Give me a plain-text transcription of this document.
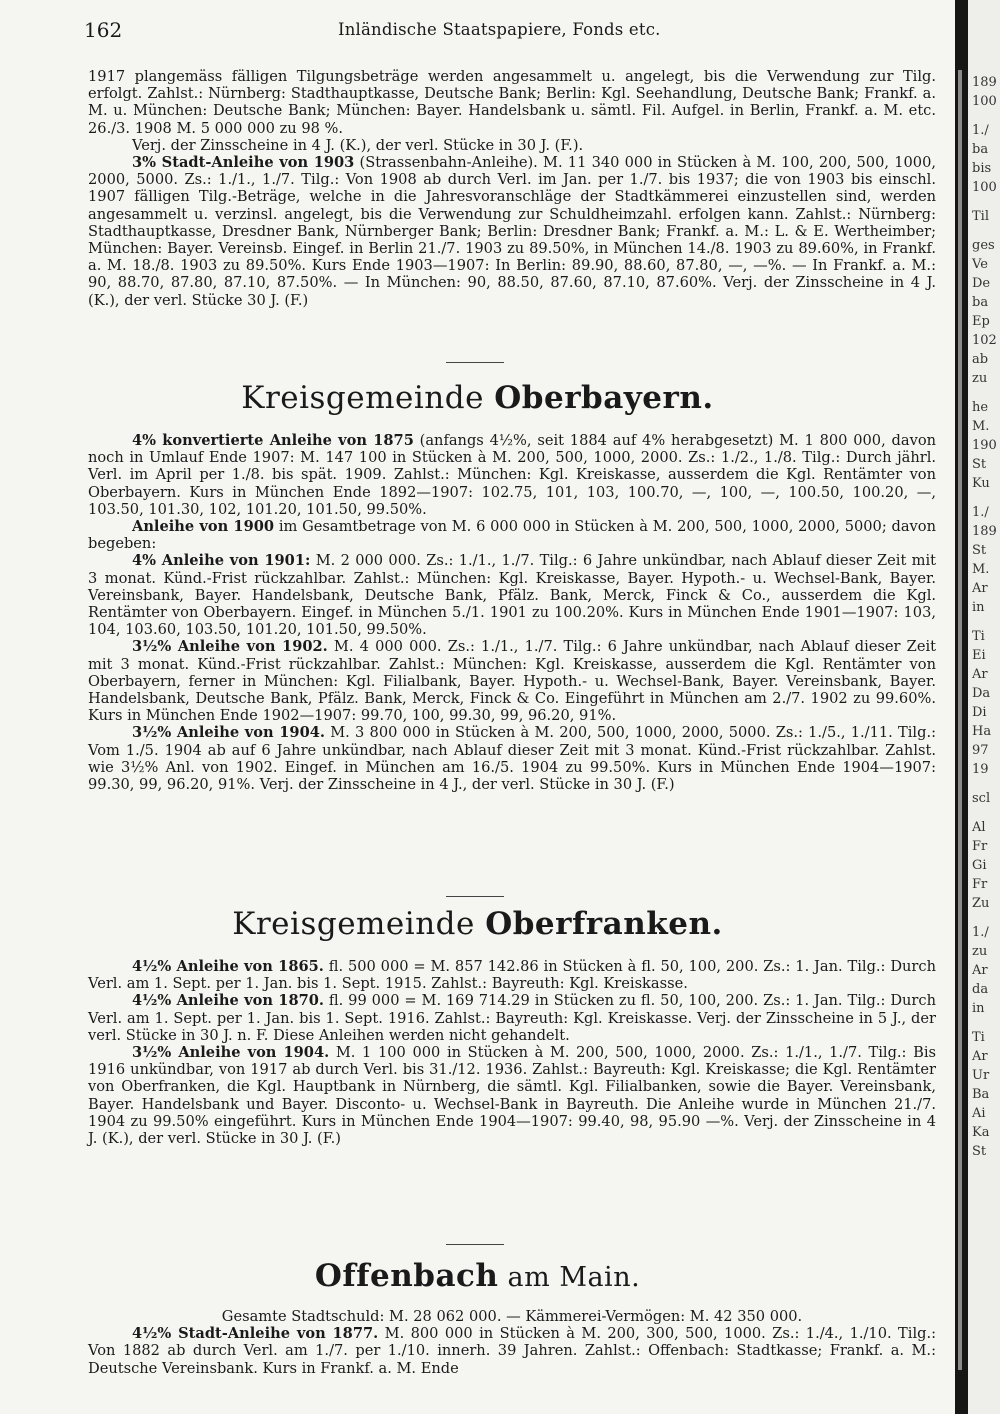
162	Inländische Staatspapiere, Fonds etc.

1917 plangemäss fälligen Tilgungsbeträge werden angesammelt u. angelegt, bis die Verwendung zur Tilg. erfolgt. Zahlst.: Nürnberg: Stadthauptkasse, Deutsche Bank; Berlin: Kgl. Seehandlung, Deutsche Bank; Frankf. a. M. u. München: Deutsche Bank; München: Bayer. Handelsbank u. sämtl. Fil. Aufgel. in Berlin, Frankf. a. M. etc. 26./3. 1908 M. 5 000 000 zu 98 %.

Verj. der Zinsscheine in 4 J. (K.), der verl. Stücke in 30 J. (F.).

3% Stadt-Anleihe von 1903 (Strassenbahn-Anleihe). M. 11 340 000 in Stücken à M. 100, 200, 500, 1000, 2000, 5000. Zs.: 1./1., 1./7. Tilg.: Von 1908 ab durch Verl. im Jan. per 1./7. bis 1937; die von 1903 bis einschl. 1907 fälligen Tilg.-Beträge, welche in die Jahresvoranschläge der Stadtkämmerei einzustellen sind, werden angesammelt u. verzinsl. angelegt, bis die Verwendung zur Schuldheimzahl. erfolgen kann. Zahlst.: Nürnberg: Stadthauptkasse, Dresdner Bank, Nürnberger Bank; Berlin: Dresdner Bank; Frankf. a. M.: L. & E. Wertheimber; München: Bayer. Vereinsb. Eingef. in Berlin 21./7. 1903 zu 89.50%, in München 14./8. 1903 zu 89.60%, in Frankf. a. M. 18./8. 1903 zu 89.50%. Kurs Ende 1903—1907: In Berlin: 89.90, 88.60, 87.80, —, —%. — In Frankf. a. M.: 90, 88.70, 87.80, 87.10, 87.50%. — In München: 90, 88.50, 87.60, 87.10, 87.60%. Verj. der Zinsscheine in 4 J. (K.), der verl. Stücke 30 J. (F.)

Kreisgemeinde Oberbayern.

4% konvertierte Anleihe von 1875 (anfangs 4½%, seit 1884 auf 4% herabgesetzt) M. 1 800 000, davon noch in Umlauf Ende 1907: M. 147 100 in Stücken à M. 200, 500, 1000, 2000. Zs.: 1./2., 1./8. Tilg.: Durch jährl. Verl. im April per 1./8. bis spät. 1909. Zahlst.: München: Kgl. Kreiskasse, ausserdem die Kgl. Rentämter von Oberbayern. Kurs in München Ende 1892—1907: 102.75, 101, 103, 100.70, —, 100, —, 100.50, 100.20, —, 103.50, 101.30, 102, 101.20, 101.50, 99.50%.

Anleihe von 1900 im Gesamtbetrage von M. 6 000 000 in Stücken à M. 200, 500, 1000, 2000, 5000; davon begeben:

4% Anleihe von 1901: M. 2 000 000. Zs.: 1./1., 1./7. Tilg.: 6 Jahre unkündbar, nach Ablauf dieser Zeit mit 3 monat. Künd.-Frist rückzahlbar. Zahlst.: München: Kgl. Kreiskasse, Bayer. Hypoth.- u. Wechsel-Bank, Bayer. Vereinsbank, Bayer. Handelsbank, Deutsche Bank, Pfälz. Bank, Merck, Finck & Co., ausserdem die Kgl. Rentämter von Oberbayern. Eingef. in München 5./1. 1901 zu 100.20%. Kurs in München Ende 1901—1907: 103, 104, 103.60, 103.50, 101.20, 101.50, 99.50%.

3½% Anleihe von 1902. M. 4 000 000. Zs.: 1./1., 1./7. Tilg.: 6 Jahre unkündbar, nach Ablauf dieser Zeit mit 3 monat. Künd.-Frist rückzahlbar. Zahlst.: München: Kgl. Kreiskasse, ausserdem die Kgl. Rentämter von Oberbayern, ferner in München: Kgl. Filialbank, Bayer. Hypoth.- u. Wechsel-Bank, Bayer. Vereinsbank, Bayer. Handelsbank, Deutsche Bank, Pfälz. Bank, Merck, Finck & Co. Eingeführt in München am 2./7. 1902 zu 99.60%. Kurs in München Ende 1902—1907: 99.70, 100, 99.30, 99, 96.20, 91%.

3½% Anleihe von 1904. M. 3 800 000 in Stücken à M. 200, 500, 1000, 2000, 5000. Zs.: 1./5., 1./11. Tilg.: Vom 1./5. 1904 ab auf 6 Jahre unkündbar, nach Ablauf dieser Zeit mit 3 monat. Künd.-Frist rückzahlbar. Zahlst. wie 3½% Anl. von 1902. Eingef. in München am 16./5. 1904 zu 99.50%. Kurs in München Ende 1904—1907: 99.30, 99, 96.20, 91%. Verj. der Zinsscheine in 4 J., der verl. Stücke in 30 J. (F.)

Kreisgemeinde Oberfranken.

4½% Anleihe von 1865. fl. 500 000 = M. 857 142.86 in Stücken à fl. 50, 100, 200. Zs.: 1. Jan. Tilg.: Durch Verl. am 1. Sept. per 1. Jan. bis 1. Sept. 1915. Zahlst.: Bayreuth: Kgl. Kreiskasse.

4½% Anleihe von 1870. fl. 99 000 = M. 169 714.29 in Stücken zu fl. 50, 100, 200. Zs.: 1. Jan. Tilg.: Durch Verl. am 1. Sept. per 1. Jan. bis 1. Sept. 1916. Zahlst.: Bayreuth: Kgl. Kreiskasse. Verj. der Zinsscheine in 5 J., der verl. Stücke in 30 J. n. F. Diese Anleihen werden nicht gehandelt.

3½% Anleihe von 1904. M. 1 100 000 in Stücken à M. 200, 500, 1000, 2000. Zs.: 1./1., 1./7. Tilg.: Bis 1916 unkündbar, von 1917 ab durch Verl. bis 31./12. 1936. Zahlst.: Bayreuth: Kgl. Kreiskasse; die Kgl. Rentämter von Oberfranken, die Kgl. Hauptbank in Nürnberg, die sämtl. Kgl. Filialbanken, sowie die Bayer. Vereinsbank, Bayer. Handelsbank und Bayer. Disconto- u. Wechsel-Bank in Bayreuth. Die Anleihe wurde in München 21./7. 1904 zu 99.50% eingeführt. Kurs in München Ende 1904—1907: 99.40, 98, 95.90 —%. Verj. der Zinsscheine in 4 J. (K.), der verl. Stücke in 30 J. (F.)

Offenbach am Main.

Gesamte Stadtschuld: M. 28 062 000. — Kämmerei-Vermögen: M. 42 350 000.

4½% Stadt-Anleihe von 1877. M. 800 000 in Stücken à M. 200, 300, 500, 1000. Zs.: 1./4., 1./10. Tilg.: Von 1882 ab durch Verl. am 1./7. per 1./10. innerh. 39 Jahren. Zahlst.: Offenbach: Stadtkasse; Frankf. a. M.: Deutsche Vereinsbank. Kurs in Frankf. a. M. Ende

189
100
1./
ba
bis
100
Til
ges
Ve
De
ba
Ep
102
ab
zu
he
M.
190
St
Ku
1./
189
St
M.
Ar
in
Ti
Ei
Ar
Da
Di
Ha
97
19
scl
Al
Fr
Gi
Fr
Zu
1./
zu
Ar
da
in
Ti
Ar
Ur
Ba
Ai
Ka
St
